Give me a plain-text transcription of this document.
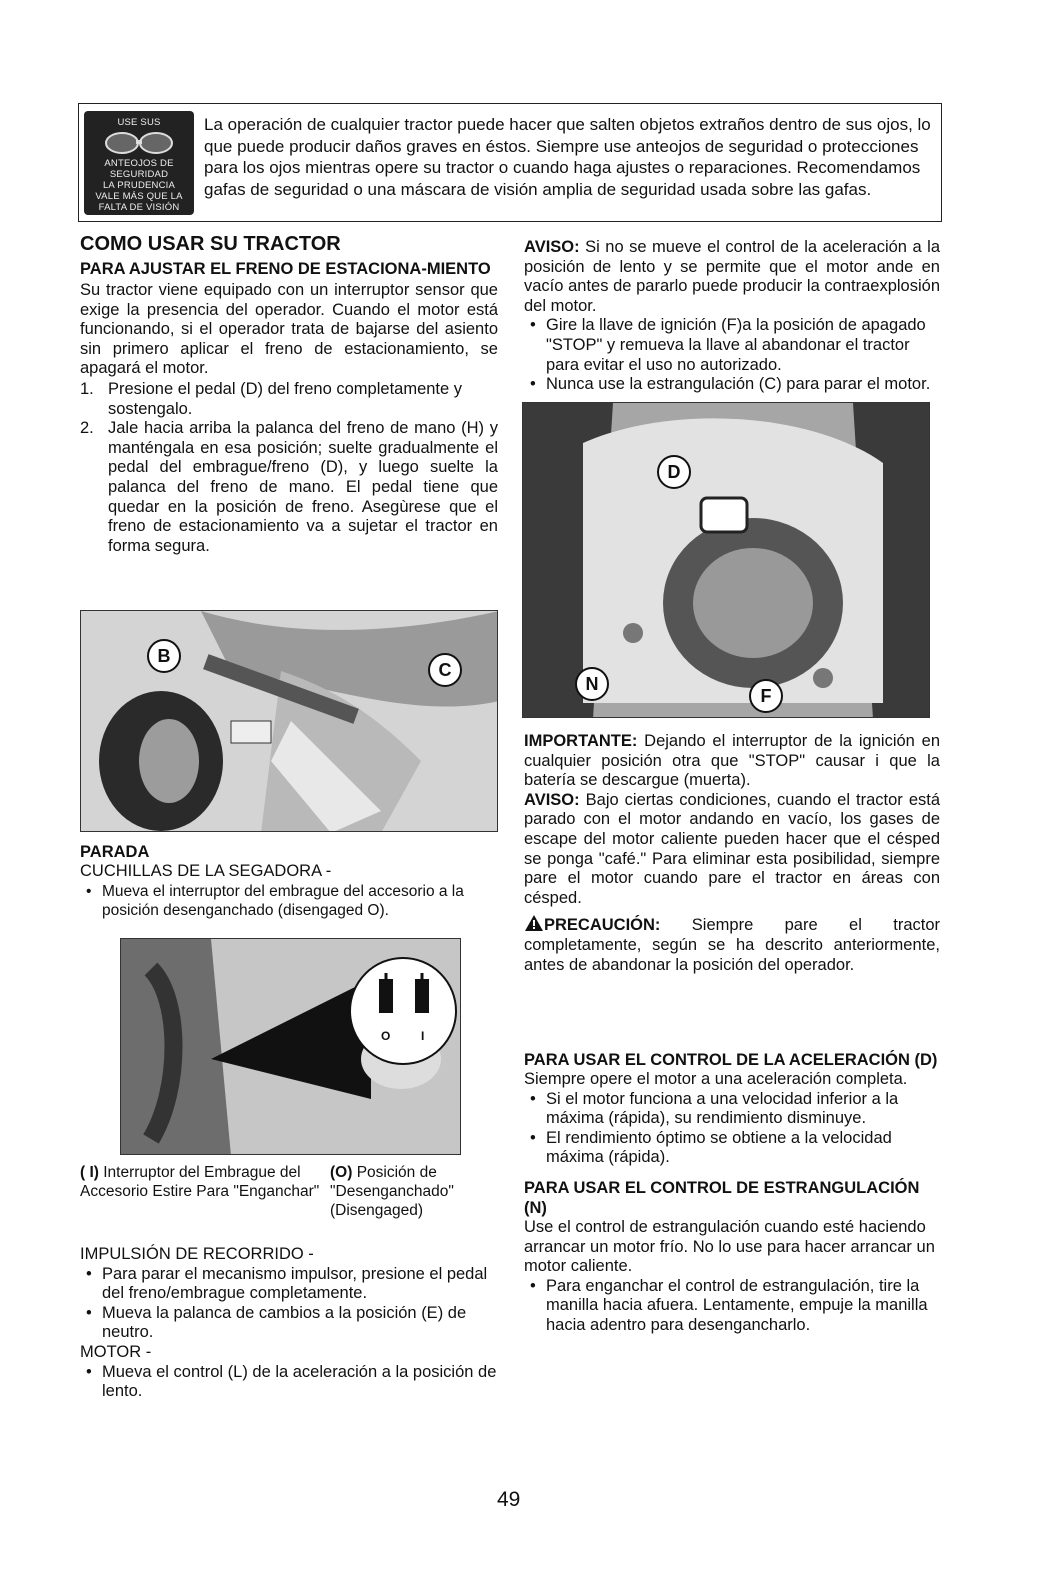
USE SUS
ANTEOJOS DE
SEGURIDAD
LA PRUDENCIA
VALE MÁS QUE LA
FALTA DE VISIÓN
La operación de cualquier tractor puede hacer que salten objetos extraños dentro de sus ojos, lo que puede producir daños graves en éstos. Siempre use anteojos de seguridad o protecciones para los ojos mientras opere su tractor o cuando haga ajustes o reparaciones. Recomendamos gafas de seguridad o una máscara de visión amplia de seguridad usada sobre las gafas.
COMO USAR SU TRACTOR
PARA AJUSTAR EL FRENO DE ESTACIONA-MIENTO
Su tractor viene equipado con un interruptor sensor que exige la presencia del operador. Cuando el motor está funcionando, si el operador trata de bajarse del asiento sin primero aplicar el freno de estacionamiento, se apagará el motor.
1. Presione el pedal (D) del freno completamente y sostengalo.
2. Jale hacia arriba la palanca del freno de mano (H) y manténgala en esa posición; suelte gradualmente el pedal del embrague/freno (D), y luego suelte la palanca del freno de mano. El pedal tiene que quedar en la posición de freno. Asegùrese que el freno de estacionamiento va a sujetar el tractor en forma segura.
B
C
PARADA
CUCHILLAS DE LA SEGADORA -
• Mueva el interruptor del embrague del accesorio a la posición desenganchado (disengaged O).
O	I
( I) Interruptor del Embrague del Accesorio Estire Para "Enganchar"
(O) Posición de "Desenganchado" (Disengaged)
IMPULSIÓN DE RECORRIDO -
• Para parar el mecanismo impulsor, presione el pedal del freno/embrague completamente.
• Mueva la palanca de cambios a la posición (E) de neutro.
MOTOR -
• Mueva el control (L) de la aceleración a la posición de lento.
AVISO: Si no se mueve el control de la aceleración a la posición de lento y se permite que el motor ande en vacío antes de pararlo puede producir la contraexplosión del motor.
• Gire la llave de ignición (F)a la posición de apagado "STOP" y remueva la llave al abandonar el tractor para evitar el uso no autorizado.
• Nunca use la estrangulación (C) para parar el motor.
D
N
F
IMPORTANTE: Dejando el interruptor de la ignición en cualquier posición otra que "STOP" causar i que la batería se descargue (muerta).
AVISO: Bajo ciertas condiciones, cuando el tractor está parado con el motor andando en vacío, los gases de escape del motor caliente pueden hacer que el césped se ponga "café." Para eliminar esta posibilidad, siempre pare el motor cuando pare el tractor en áreas con césped.
PRECAUCIÓN: Siempre pare el tractor completamente, según se ha descrito anteriormente, antes de abandonar la posición del operador.
PARA USAR EL CONTROL DE LA ACELERACIÓN (D)
Siempre opere el motor a una aceleración completa.
• Si el motor funciona a una velocidad inferior a la máxima (rápida), su rendimiento disminuye.
• El rendimiento óptimo se obtiene a la velocidad máxima (rápida).
PARA USAR EL CONTROL DE ESTRANGULACIÓN (N)
Use el control de estrangulación cuando esté haciendo arrancar un motor frío. No lo use para hacer arrancar un motor caliente.
• Para enganchar el control de estrangulación, tire la manilla hacia afuera. Lentamente, empuje la manilla hacia adentro para desengancharlo.
49
